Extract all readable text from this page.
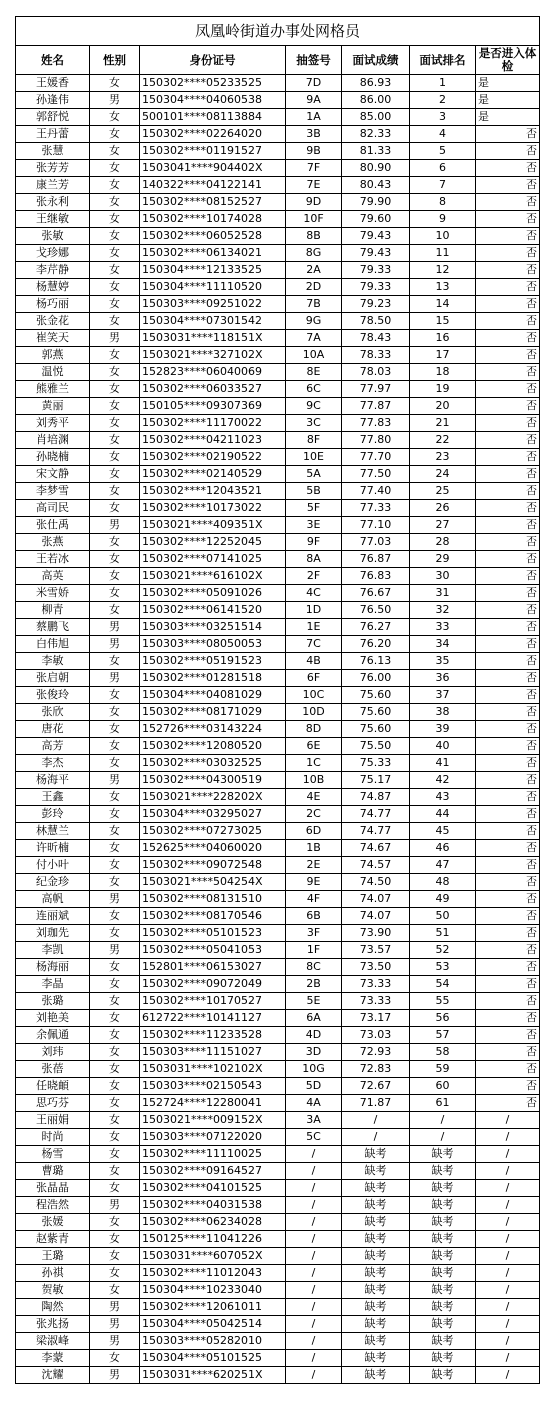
凤凰岭街道办事处网格员						
姓名	性别	身份证号	抽签号	面试成绩	面试排名	是否进入体检
王媛香	女	150302****05233525	7D	86.93	1	是
孙逢伟	男	150304****04060538	9A	86.00	2	是
郭舒悦	女	500101****08113884	1A	85.00	3	是
王丹蕾	女	150302****02264020	3B	82.33	4	否
张慧	女	150302****01191527	9B	81.33	5	否
张芳芳	女	1503041****904402X	7F	80.90	6	否
康兰芳	女	140322****04122141	7E	80.43	7	否
张永利	女	150302****08152527	9D	79.90	8	否
王继敏	女	150302****10174028	10F	79.60	9	否
张敏	女	150302****06052528	8B	79.43	10	否
戈珍娜	女	150302****06134021	8G	79.43	11	否
李芹静	女	150304****12133525	2A	79.33	12	否
杨慧婷	女	150304****11110520	2D	79.33	13	否
杨巧丽	女	150303****09251022	7B	79.23	14	否
张金花	女	150304****07301542	9G	78.50	15	否
崔笑天	男	1503031****118151X	7A	78.43	16	否
郭燕	女	1503021****327102X	10A	78.33	17	否
温悦	女	152823****06040069	8E	78.03	18	否
熊雅兰	女	150302****06033527	6C	77.97	19	否
黄丽	女	150105****09307369	9C	77.87	20	否
刘秀平	女	150302****11170022	3C	77.83	21	否
肖培渊	女	150302****04211023	8F	77.80	22	否
孙晓楠	女	150302****02190522	10E	77.70	23	否
宋文静	女	150302****02140529	5A	77.50	24	否
李梦雪	女	150302****12043521	5B	77.40	25	否
高司民	女	150302****10173022	5F	77.33	26	否
张仕禹	男	1503021****409351X	3E	77.10	27	否
张燕	女	150302****12252045	9F	77.03	28	否
王若冰	女	150302****07141025	8A	76.87	29	否
高英	女	1503021****616102X	2F	76.83	30	否
米雪娇	女	150302****05091026	4C	76.67	31	否
柳青	女	150302****06141520	1D	76.50	32	否
蔡鹏飞	男	150303****03251514	1E	76.27	33	否
白伟旭	男	150303****08050053	7C	76.20	34	否
李敏	女	150302****05191523	4B	76.13	35	否
张启朝	男	150302****01281518	6F	76.00	36	否
张俊玲	女	150304****04081029	10C	75.60	37	否
张欣	女	150302****08171029	10D	75.60	38	否
唐花	女	152726****03143224	8D	75.60	39	否
高芳	女	150302****12080520	6E	75.50	40	否
李杰	女	150302****03032525	1C	75.33	41	否
杨海平	男	150302****04300519	10B	75.17	42	否
王鑫	女	1503021****228202X	4E	74.87	43	否
彭玲	女	150304****03295027	2C	74.77	44	否
林慧兰	女	150302****07273025	6D	74.77	45	否
许昕楠	女	152625****04060020	1B	74.67	46	否
付小叶	女	150302****09072548	2E	74.57	47	否
纪金珍	女	1503021****504254X	9E	74.50	48	否
高帆	男	150302****08131510	4F	74.07	49	否
连丽斌	女	150302****08170546	6B	74.07	50	否
刘珈先	女	150302****05101523	3F	73.90	51	否
李凯	男	150302****05041053	1F	73.57	52	否
杨海丽	女	152801****06153027	8C	73.50	53	否
李晶	女	150302****09072049	2B	73.33	54	否
张璐	女	150302****10170527	5E	73.33	55	否
刘艳美	女	612722****10141127	6A	73.17	56	否
余佩通	女	150302****11233528	4D	73.03	57	否
刘玮	女	150303****11151027	3D	72.93	58	否
张蓓	女	1503031****102102X	10G	72.83	59	否
任晓頔	女	150303****02150543	5D	72.67	60	否
思巧芬	女	152724****12280041	4A	71.87	61	否
王丽娟	女	1503021****009152X	3A	/	/	/
时尚	女	150303****07122020	5C	/	/	/
杨雪	女	150302****11110025	/	缺考	缺考	/
曹璐	女	150302****09164527	/	缺考	缺考	/
张晶晶	女	150302****04101525	/	缺考	缺考	/
程浩然	男	150302****04031538	/	缺考	缺考	/
张媛	女	150302****06234028	/	缺考	缺考	/
赵紫青	女	150125****11041226	/	缺考	缺考	/
王璐	女	1503031****607052X	/	缺考	缺考	/
孙祺	女	150302****11012043	/	缺考	缺考	/
贺敏	女	150304****10233040	/	缺考	缺考	/
陶然	男	150302****12061011	/	缺考	缺考	/
张兆扬	男	150304****05042514	/	缺考	缺考	/
梁淑峰	男	150303****05282010	/	缺考	缺考	/
李蒙	女	150304****05101525	/	缺考	缺考	/
沈耀	男	1503031****620251X	/	缺考	缺考	/
